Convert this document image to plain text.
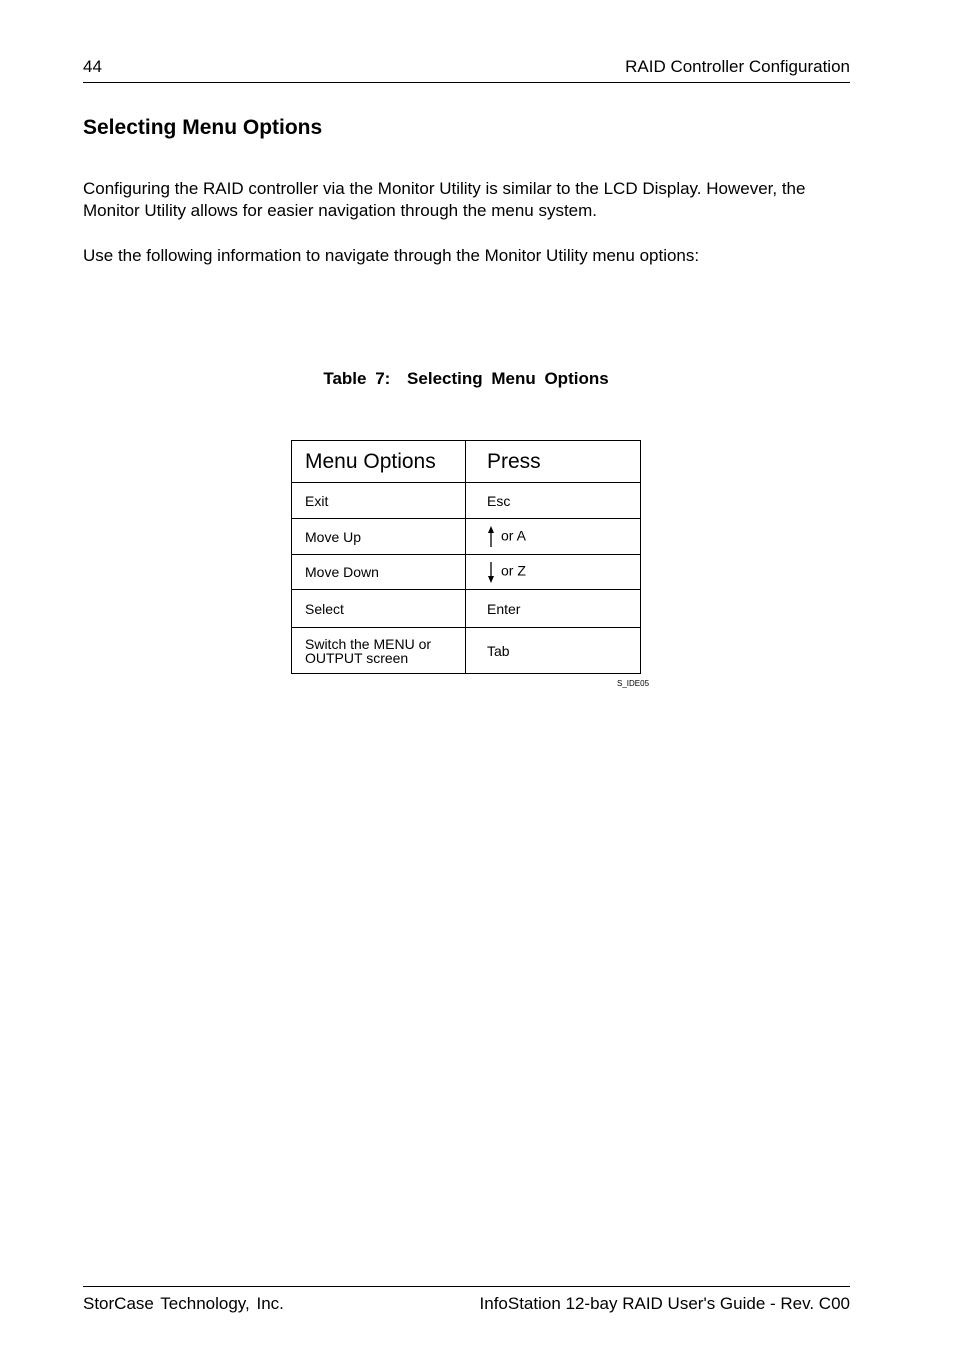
44	RAID Controller Configuration
Selecting Menu Options

Configuring the RAID controller via the Monitor Utility is similar to the LCD Display. However, the Monitor Utility allows for easier navigation through the menu system.

Use the following information to navigate through the Monitor Utility menu options:

Table 7: Selecting Menu Options
Menu Options	Press
Exit	Esc
Move Up	or A
Move Down	or Z
Select	Enter
Switch the MENU or OUTPUT screen	Tab
S_IDE05
StorCase Technology, Inc.	InfoStation 12-bay RAID User's Guide - Rev. C00
